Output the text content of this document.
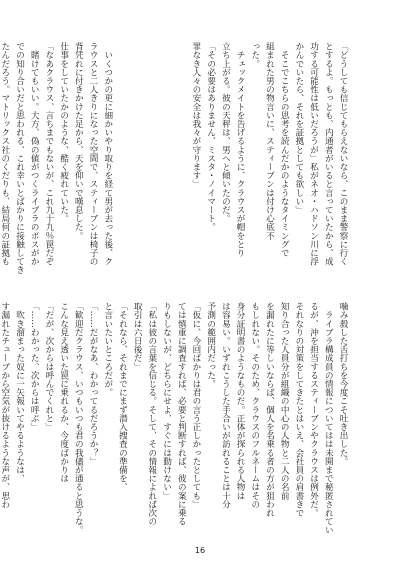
「どうしても信じてもらえないなら、このまま警察に行く

とするよ。もっとも、内通者がいると言っていたから、成

功する可能性は低いだろうが」私がネオ・ハドソン川に浮

かんでいたら、それを証拠としても欲しい」

　そこでこちらの思考を読んだかのようなタイミングで

組まれた男の物言いに、スティーブンは付け心底不

った。

　チェックメイトを告げるように、クラウスが帽をとり

立ち上がる。彼の天秤は、男へと傾いたのだ。

「その必要はありません、ミスタ・ノイマート。

罪なき人々の安全は我々が守ります」

　いくつかの更に細かいやり取りを経て男が去った後、ク

ラウスと二人きりになった空間で、スティーブンは椅子の

背凭れに付きかけた足から、天を仰いで嘆息した。

仕事をしていたかのような、酷く疲れていた。

「なあクラウス、言ちまでもないが、これ九十九％罠だぞ

　賭けてもいい。大方、偽の値がつくライブラのボスがか

での知り合いだと思われる、これ幸いとばかりに接触してき

たんだろう。マトリックス社のくだりも、結局何の証拠も

噛み殺した舌打ちを今度こそ吐き出した。

　ライブラ構成員の情報についてはは未開まで秘匿されてい

るが、沖を担当するスティーブンやクラウスは例外だ。

それなりの対策をしてきたとはいえ、会社員の肩書きで

知り合った人員分が組織の中心の人物と二人の名前

を漏れたに等しいならば、個人を名乗る者の方が狙われ

もしれない。そのため、クラウスのフルネームはその

身分証明書のようなものだ。正体が探られる人物は

は容易い。いずれこうした手合いが訪れることは十分

予測の範囲内だった。

「仮に、今回ばかりは君の言う正しかったとしても」

ては慎重に調査すれば、必要と判断すれば、彼の案に乗る

りもしないが、どちらにせよ、すぐには動けない」

「私は彼の言葉を信じる。そして、その情報によれば次の

取引は六日後だ」

「それなら、それまでにまず潜入捜査の準備を、

と言いたいところだが。

「……だがなあ、わかってるだろうか？」

「歓迎だクラウス、いつもいつも君の我儘が通ると思うな。

こんな見え透いた罠に乗れるか、今度ばかりは

「だが、次からは呼んでくれと」

「……わかった、次からは呼ぶ」

　吹き溜まった奴に一矢報いてやるようなは、

す漏れたチューブから空気が抜けるような声が、思わ

16
